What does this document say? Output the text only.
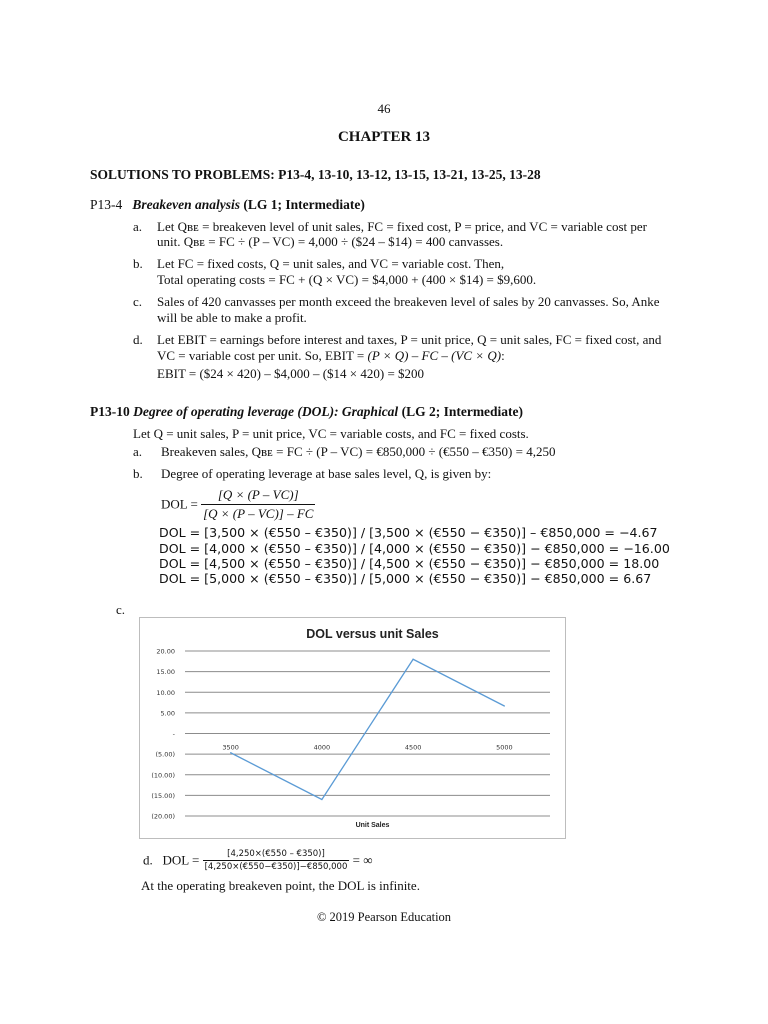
46
CHAPTER 13
SOLUTIONS TO PROBLEMS: P13-4, 13-10, 13-12, 13-15, 13-21, 13-25, 13-28
P13-4 Breakeven analysis (LG 1; Intermediate)
a. Let Qʙᴇ = breakeven level of unit sales, FC = fixed cost, P = price, and VC = variable cost per
unit. Qʙᴇ = FC ÷ (P – VC) = 4,000 ÷ ($24 – $14) = 400 canvasses.
b. Let FC = fixed costs, Q = unit sales, and VC = variable cost. Then,
Total operating costs = FC + (Q × VC) = $4,000 + (400 × $14) = $9,600.
c. Sales of 420 canvasses per month exceed the breakeven level of sales by 20 canvasses. So, Anke
will be able to make a profit.
d. Let EBIT = earnings before interest and taxes, P = unit price, Q = unit sales, FC = fixed cost, and
VC = variable cost per unit. So, EBIT = (P × Q) – FC – (VC × Q):
EBIT = ($24 × 420) – $4,000 – ($14 × 420) = $200
P13-10 Degree of operating leverage (DOL): Graphical (LG 2; Intermediate)
Let Q = unit sales, P = unit price, VC = variable costs, and FC = fixed costs.
a. Breakeven sales, Qʙᴇ = FC ÷ (P – VC) = €850,000 ÷ (€550 – €350) = 4,250
b. Degree of operating leverage at base sales level, Q, is given by:
DOL = $\frac{[Q \times (P - VC)]}{[Q \times (P - VC)] - FC}$
DOL = [3,500 × (€550 – €350)] / [3,500 × (€550 − €350)] – €850,000 = −4.67
DOL = [4,000 × (€550 – €350)] / [4,000 × (€550 − €350)] − €850,000 = −16.00
DOL = [4,500 × (€550 – €350)] / [4,500 × (€550 − €350)] − €850,000 = 18.00
DOL = [5,000 × (€550 – €350)] / [5,000 × (€550 − €350)] − €850,000 = 6.67
c.
DOL versus unit Sales
20.00
15.00
10.00
5.00
-
(5.00)
(10.00)
(15.00)
(20.00)
3500	4000	4500	5000
Unit Sales
d. DOL = $\frac{[4,250\times(€550 - €350)]}{[4,250\times(€550-€350)]-€850,000}$ = ∞
At the operating breakeven point, the DOL is infinite.
© 2019 Pearson Education
